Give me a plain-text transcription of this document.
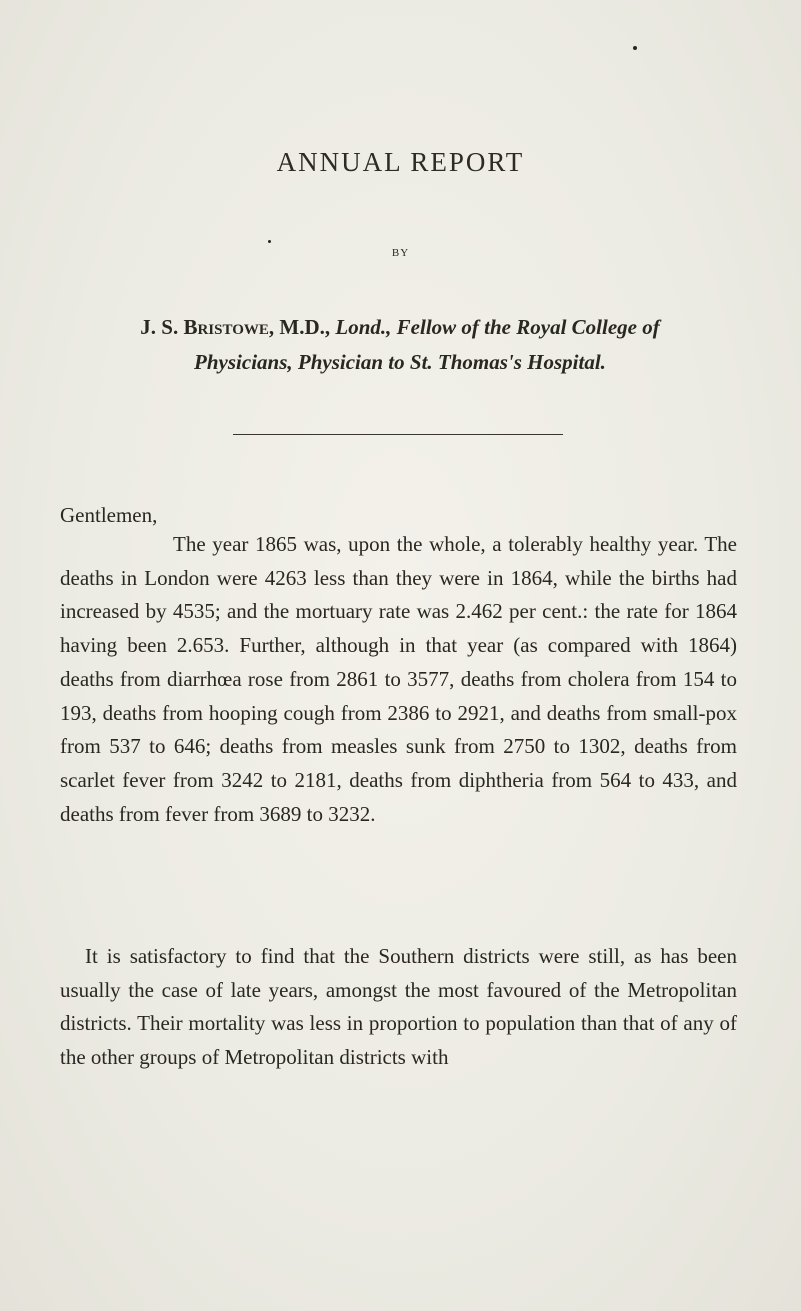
ANNUAL REPORT
BY
J. S. Bristowe, M.D., Lond., Fellow of the Royal College of
Physicians, Physician to St. Thomas's Hospital.
Gentlemen,

The year 1865 was, upon the whole, a tolerably healthy year. The deaths in London were 4263 less than they were in 1864, while the births had increased by 4535; and the mortuary rate was 2.462 per cent.: the rate for 1864 having been 2.653. Further, although in that year (as compared with 1864) deaths from diarrhœa rose from 2861 to 3577, deaths from cholera from 154 to 193, deaths from hooping cough from 2386 to 2921, and deaths from small-pox from 537 to 646; deaths from measles sunk from 2750 to 1302, deaths from scarlet fever from 3242 to 2181, deaths from diphtheria from 564 to 433, and deaths from fever from 3689 to 3232.

It is satisfactory to find that the Southern districts were still, as has been usually the case of late years, amongst the most favoured of the Metropolitan districts. Their mortality was less in proportion to population than that of any of the other groups of Metropolitan districts with
